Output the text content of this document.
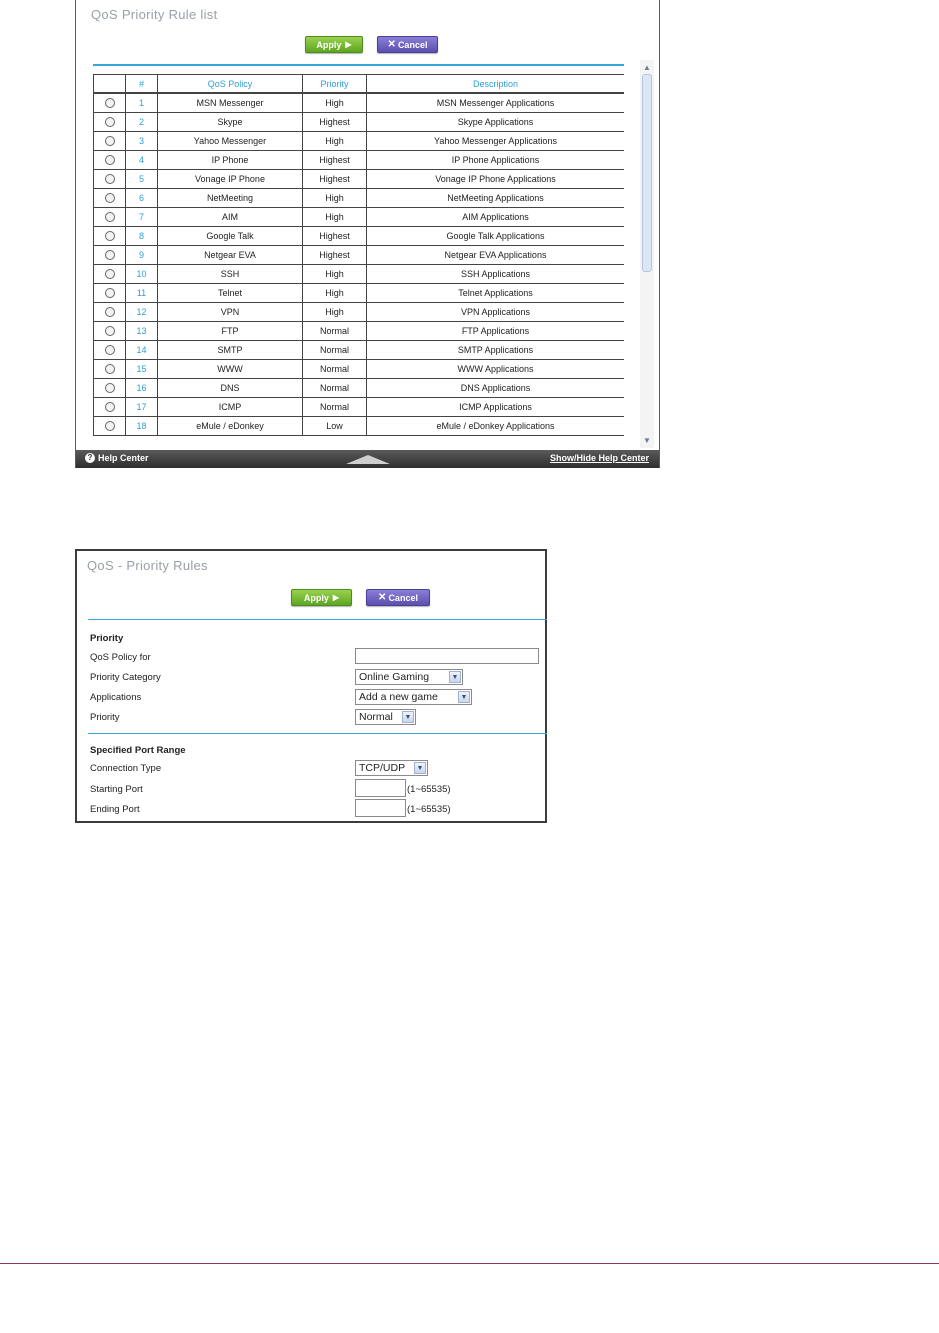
QoS Priority Rule list
Apply ▶	✕ Cancel
	#	QoS Policy	Priority	Description
	1	MSN Messenger	High	MSN Messenger Applications
	2	Skype	Highest	Skype Applications
	3	Yahoo Messenger	High	Yahoo Messenger Applications
	4	IP Phone	Highest	IP Phone Applications
	5	Vonage IP Phone	Highest	Vonage IP Phone Applications
	6	NetMeeting	High	NetMeeting Applications
	7	AIM	High	AIM Applications
	8	Google Talk	Highest	Google Talk Applications
	9	Netgear EVA	Highest	Netgear EVA Applications
	10	SSH	High	SSH Applications
	11	Telnet	High	Telnet Applications
	12	VPN	High	VPN Applications
	13	FTP	Normal	FTP Applications
	14	SMTP	Normal	SMTP Applications
	15	WWW	Normal	WWW Applications
	16	DNS	Normal	DNS Applications
	17	ICMP	Normal	ICMP Applications
	18	eMule / eDonkey	Low	eMule / eDonkey Applications
▲
▼
? Help Center	Show/Hide Help Center
QoS - Priority Rules
Apply ▶	✕ Cancel
Priority
QoS Policy for
Priority Category	Online Gaming	▼
Applications	Add a new game	▼
Priority	Normal	▼
Specified Port Range
Connection Type	TCP/UDP	▼
Starting Port	(1~65535)
Ending Port	(1~65535)
